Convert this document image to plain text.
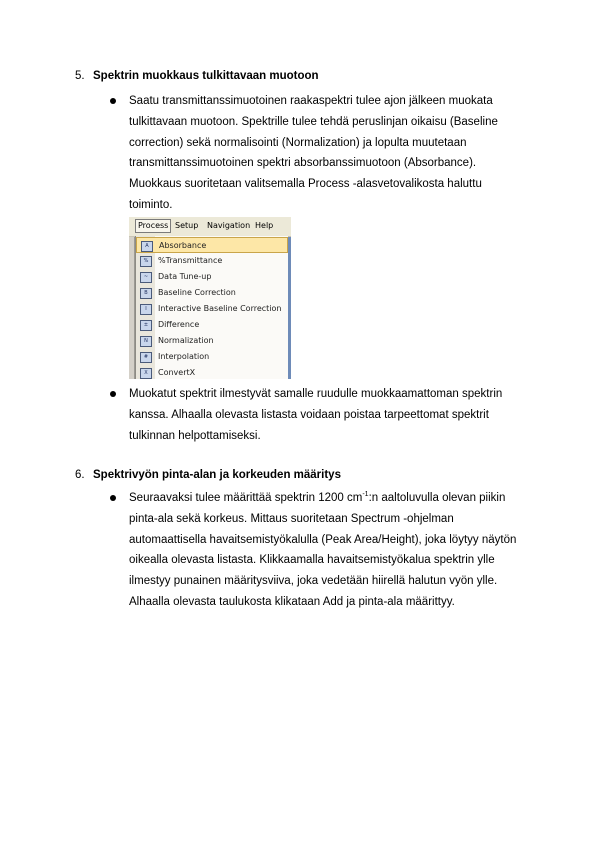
5. Spektrin muokkaus tulkittavaan muotoon
Saatu transmittanssimuotoinen raakaspektri tulee ajon jälkeen muokata
tulkittavaan muotoon. Spektrille tulee tehdä peruslinjan oikaisu (Baseline
correction) sekä normalisointi (Normalization) ja lopulta muutetaan
transmittanssimuotoinen spektri absorbanssimuotoon (Absorbance).
Muokkaus suoritetaan valitsemalla Process -alasvetovalikosta haluttu
toiminto.
Process Setup Navigation Help
A	Absorbance
%	%Transmittance
~	Data Tune-up
B	Baseline Correction
I	Interactive Baseline Correction
±	Difference
N	Normalization
#	Interpolation
X	ConvertX
Muokatut spektrit ilmestyvät samalle ruudulle muokkaamattoman spektrin
kanssa. Alhaalla olevasta listasta voidaan poistaa tarpeettomat spektrit
tulkinnan helpottamiseksi.
6. Spektrivyön pinta-alan ja korkeuden määritys
Seuraavaksi tulee määrittää spektrin 1200 $cm^{-1}:n$ aaltoluvulla olevan piikin
pinta-ala sekä korkeus. Mittaus suoritetaan Spectrum -ohjelman
automaattisella havaitsemistyökalulla (Peak Area/Height), joka löytyy näytön
oikealla olevasta listasta. Klikkaamalla havaitsemistyökalua spektrin ylle
ilmestyy punainen määritysviiva, joka vedetään hiirellä halutun vyön ylle.
Alhaalla olevasta taulukosta klikataan Add ja pinta-ala määrittyy.
